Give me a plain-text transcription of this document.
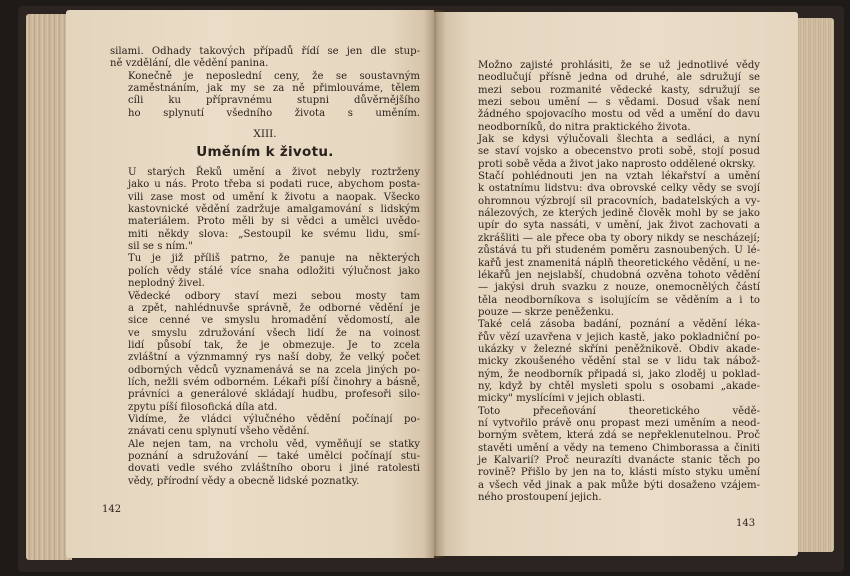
silami. Odhady takových případů řídí se jen dle stup-
ně vzdělání, dle vědění panina.

Konečně je neposlední ceny, že se soustavným
zaměstnáním, jak my se za ně přimlouváme, tělem
cíli ku přípravnému stupni důvěrnějšího
ho splynutí všedního života s uměním.

XIII.
Uměním k životu.

U starých Řeků umění a život nebyly roztrženy
jako u nás. Proto třeba si podati ruce, abychom posta-
vili zase most od umění k životu a naopak. Všecko
kastovnické vědění zadržuje amalgamování s lidským
materiálem. Proto měli by si vědci a umělci uvědo-
miti někdy slova: „Sestoupil ke svému lidu, smí-
sil se s ním."

Tu je již příliš patrno, že panuje na některých
polích vědy stálé více snaha odložiti výlučnost jako
neplodný živel.

Vědecké odbory staví mezi sebou mosty tam
a zpět, nahlédnuvše správně, že odborné vědění je
sice cenné ve smyslu hromadění vědomostí, ale
ve smyslu združování všech lidí že na voinost
lidí působí tak, že je obmezuje. Je to zcela
zvláštní a význmamný rys naší doby, že velký počet
odborných vědců vyznamenává se na zcela jiných po-
lích, nežli svém odborném. Lékaři píší činohry a básně,
právníci a generálové skládají hudbu, profesoři silo-
zpytu píší filosofická díla atd.

Vidíme, že vládci výlučného vědění počínají po-
znávati cenu splynutí všeho vědění.

Ale nejen tam, na vrcholu věd, vyměňují se statky
poznání a sdružování — také umělci počínají stu-
dovati vedle svého zvláštního oboru i jiné ratolesti
vědy, přírodní vědy a obecně lidské poznatky.

142

Možno zajisté prohlásiti, že se už jednotlivé vědy
neodlučují přísně jedna od druhé, ale sdružují se
mezi sebou rozmanité vědecké kasty, sdružují se
mezi sebou umění — s vědami. Dosud však není
žádného spojovacího mostu od věd a umění do davu
neodborníků, do nitra praktického života.

Jak se kdysi výlučovali šlechta a sedláci, a nyní
se staví vojsko a obecenstvo proti sobě, stojí posud
proti sobě věda a život jako naprosto oddělené okrsky.

Stačí pohlédnouti jen na vztah lékařství a umění
k ostatnímu lidstvu: dva obrovské celky vědy se svojí
ohromnou výzbrojí sil pracovních, badatelských a vy-
nálezových, ze kterých jedině člověk mohl by se jako
upír do syta nassáti, v umění, jak život zachovati a
zkrášliti — ale přece oba ty obory nikdy se nescházejí;
zůstává tu při studeném poměru zasnoubených. U lé-
kařů jest znamenitá náplň theoretického vědění, u ne-
lékařů jen nejslabší, chudobná ozvěna tohoto vědění
— jakýsi druh svazku z nouze, onemocnělých částí
těla neodborníkova s isolujícím se věděním a i to
pouze — skrze peněženku.

Také celá zásoba badání, poznání a vědění léka-
řův vězí uzavřena v jejich kastě, jako pokladniční po-
ukázky v železné skříni peněžnikově. Obdiv akade-
micky zkoušeného vědění stal se v lidu tak nábož-
ným, že neodborník připadá si, jako zloděj u poklad-
ny, když by chtěl mysleti spolu s osobami „akade-
micky" myslícími v jejich oblasti.

Toto přeceňování theoretického vědě-
ní vytvořilo právě onu propast mezi uměním a neod-
borným světem, která zdá se nepřeklenutelnou. Proč
stavěti umění a vědy na temeno Chimborassa a činiti
je Kalvarií? Proč neurazíti dvanácte stanic těch po
rovině? Přišlo by jen na to, klásti místo styku umění
a všech věd jinak a pak může býti dosaženo vzájem-
ného prostoupení jejich.

143
